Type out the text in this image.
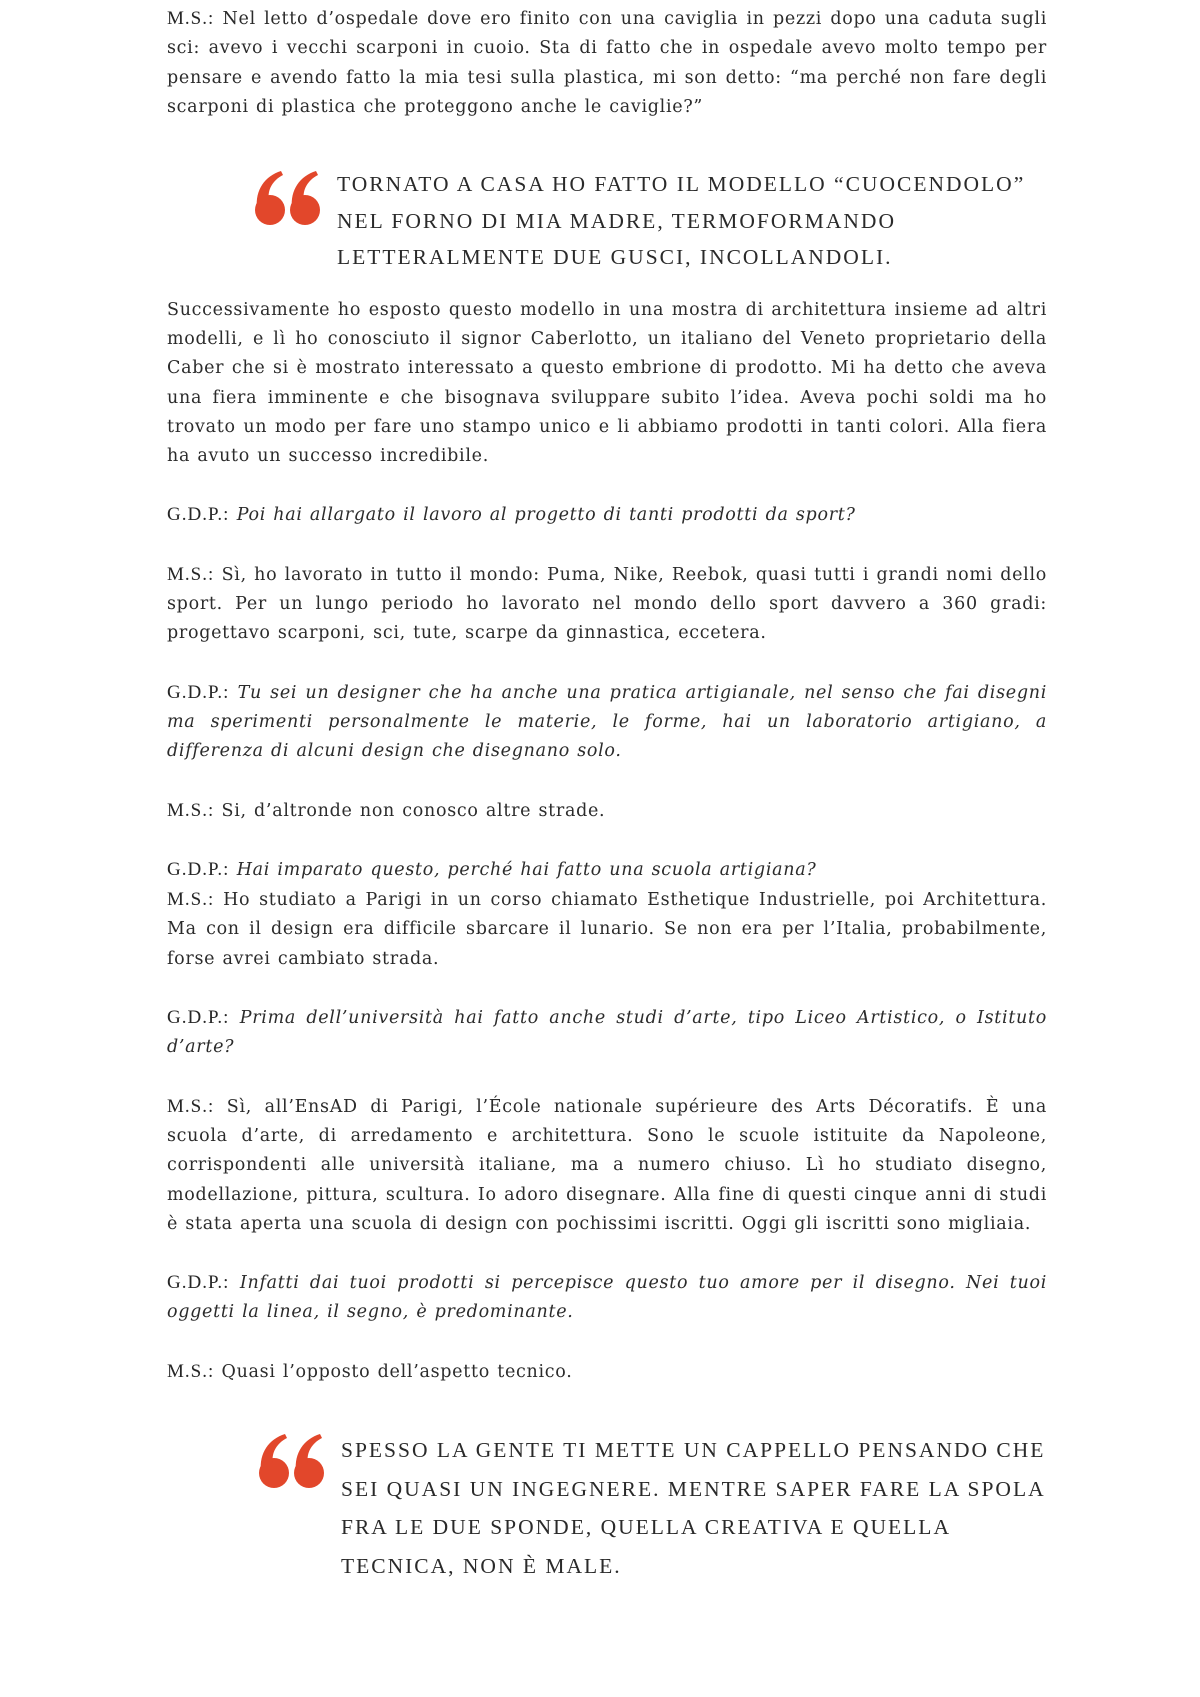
M.S.: Nel letto d’ospedale dove ero finito con una caviglia in pezzi dopo una caduta sugli sci: avevo i vecchi scarponi in cuoio. Sta di fatto che in ospedale avevo molto tempo per pensare e avendo fatto la mia tesi sulla plastica, mi son detto: “ma perché non fare degli scarponi di plastica che proteggono anche le caviglie?”

TORNATO A CASA HO FATTO IL MODELLO “CUOCENDOLO” NEL FORNO DI MIA MADRE, TERMOFORMANDO LETTERALMENTE DUE GUSCI, INCOLLANDOLI.

Successivamente ho esposto questo modello in una mostra di architettura insieme ad altri modelli, e lì ho conosciuto il signor Caberlotto, un italiano del Veneto proprietario della Caber che si è mostrato interessato a questo embrione di prodotto. Mi ha detto che aveva una fiera imminente e che bisognava sviluppare subito l’idea. Aveva pochi soldi ma ho trovato un modo per fare uno stampo unico e li abbiamo prodotti in tanti colori. Alla fiera ha avuto un successo incredibile.

G.D.P.: Poi hai allargato il lavoro al progetto di tanti prodotti da sport?

M.S.: Sì, ho lavorato in tutto il mondo: Puma, Nike, Reebok, quasi tutti i grandi nomi dello sport. Per un lungo periodo ho lavorato nel mondo dello sport davvero a 360 gradi: progettavo scarponi, sci, tute, scarpe da ginnastica, eccetera.

G.D.P.: Tu sei un designer che ha anche una pratica artigianale, nel senso che fai disegni ma sperimenti personalmente le materie, le forme, hai un laboratorio artigiano, a differenza di alcuni design che disegnano solo.

M.S.: Si, d’altronde non conosco altre strade.

G.D.P.: Hai imparato questo, perché hai fatto una scuola artigiana?

M.S.: Ho studiato a Parigi in un corso chiamato Esthetique Industrielle, poi Architettura. Ma con il design era difficile sbarcare il lunario. Se non era per l’Italia, probabilmente, forse avrei cambiato strada.

G.D.P.: Prima dell’università hai fatto anche studi d’arte, tipo Liceo Artistico, o Istituto d’arte?

M.S.: Sì, all’EnsAD di Parigi, l’École nationale supérieure des Arts Décoratifs. È una scuola d’arte, di arredamento e architettura. Sono le scuole istituite da Napoleone, corrispondenti alle università italiane, ma a numero chiuso. Lì ho studiato disegno, modellazione, pittura, scultura. Io adoro disegnare. Alla fine di questi cinque anni di studi è stata aperta una scuola di design con pochissimi iscritti. Oggi gli iscritti sono migliaia.

G.D.P.: Infatti dai tuoi prodotti si percepisce questo tuo amore per il disegno. Nei tuoi oggetti la linea, il segno, è predominante.

M.S.: Quasi l’opposto dell’aspetto tecnico.

SPESSO LA GENTE TI METTE UN CAPPELLO PENSANDO CHE SEI QUASI UN INGEGNERE. MENTRE SAPER FARE LA SPOLA FRA LE DUE SPONDE, QUELLA CREATIVA E QUELLA TECNICA, NON È MALE.
